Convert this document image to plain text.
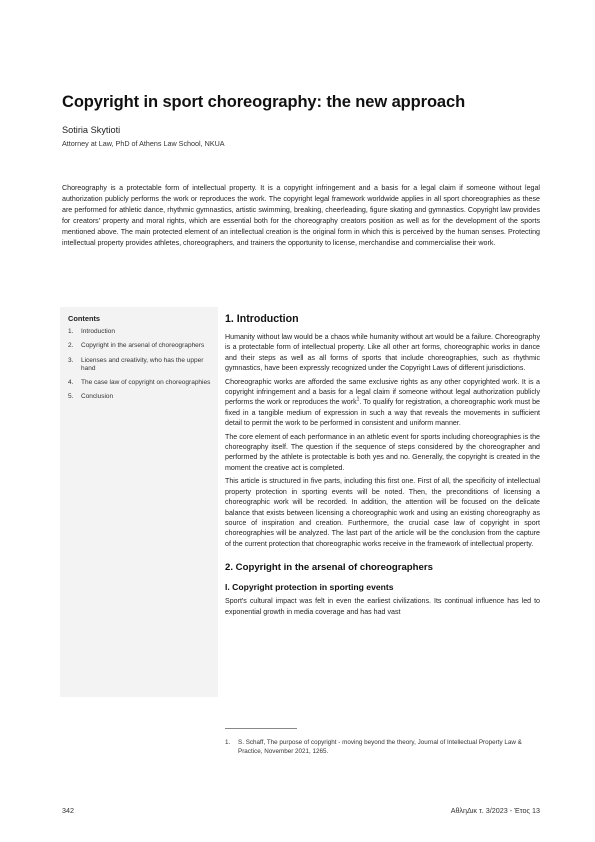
Copyright in sport choreography: the new approach
Sotiria Skytioti
Attorney at Law, PhD of Athens Law School, NKUA

Choreography is a protectable form of intellectual property. It is a copyright infringement and a basis for a legal claim if someone without legal authorization publicly performs the work or reproduces the work. The copyright legal framework worldwide applies in all sport choreographies as these are performed for athletic dance, rhythmic gymnastics, artistic swimming, breaking, cheerleading, figure skating and gymnastics. Copyright law provides for creators' property and moral rights, which are essential both for the choreography creators position as well as for the development of the sports mentioned above. The main protected element of an intellectual creation is the original form in which this is perceived by the human senses. Protecting intellectual property provides athletes, choreographers, and trainers the opportunity to license, merchandise and commercialise their work.

Contents
1.	Introduction
2.	Copyright in the arsenal of choreographers
3.	Licenses and creativity, who has the upper hand
4.	The case law of copyright on choreographies
5.	Conclusion
1. Introduction

Humanity without law would be a chaos while humanity without art would be a failure. Choreography is a protectable form of intellectual property. Like all other art forms, choreographic works in dance and their steps as well as all forms of sports that include choreographies, such as rhythmic gymnastics, have been expressly recognized under the Copyright Laws of different jurisdictions.

Choreographic works are afforded the same exclusive rights as any other copyrighted work. It is a copyright infringement and a basis for a legal claim if someone without legal authorization publicly performs the work or reproduces the work$^1$. To qualify for registration, a choreographic work must be fixed in a tangible medium of expression in such a way that reveals the movements in sufficient detail to permit the work to be performed in consistent and uniform manner.

The core element of each performance in an athletic event for sports including choreographies is the choreography itself. The question if the sequence of steps considered by the choreographer and performed by the athlete is protectable is both yes and no. Generally, the copyright is created in the moment the creative act is completed.

This article is structured in five parts, including this first one. First of all, the specificity of intellectual property protection in sporting events will be noted. Then, the preconditions of licensing a choreographic work will be recorded. In addition, the attention will be focused on the delicate balance that exists between licensing a choreographic work and using an existing choreography as source of inspiration and creation. Furthermore, the crucial case law of copyright in sport choreographies will be analyzed. The last part of the article will be the conclusion from the capture of the current protection that choreographic works receive in the framework of intellectual property.

2. Copyright in the arsenal of choreographers
I. Copyright protection in sporting events

Sport's cultural impact was felt in even the earliest civilizations. Its continual influence has led to exponential growth in media coverage and has had vast

1.	S. Schaff, The purpose of copyright - moving beyond the theory, Journal of Intellectual Property Law & Practice, November 2021, 1265.
342	ΑθληΔικ τ. 3/2023 - Έτος 13
